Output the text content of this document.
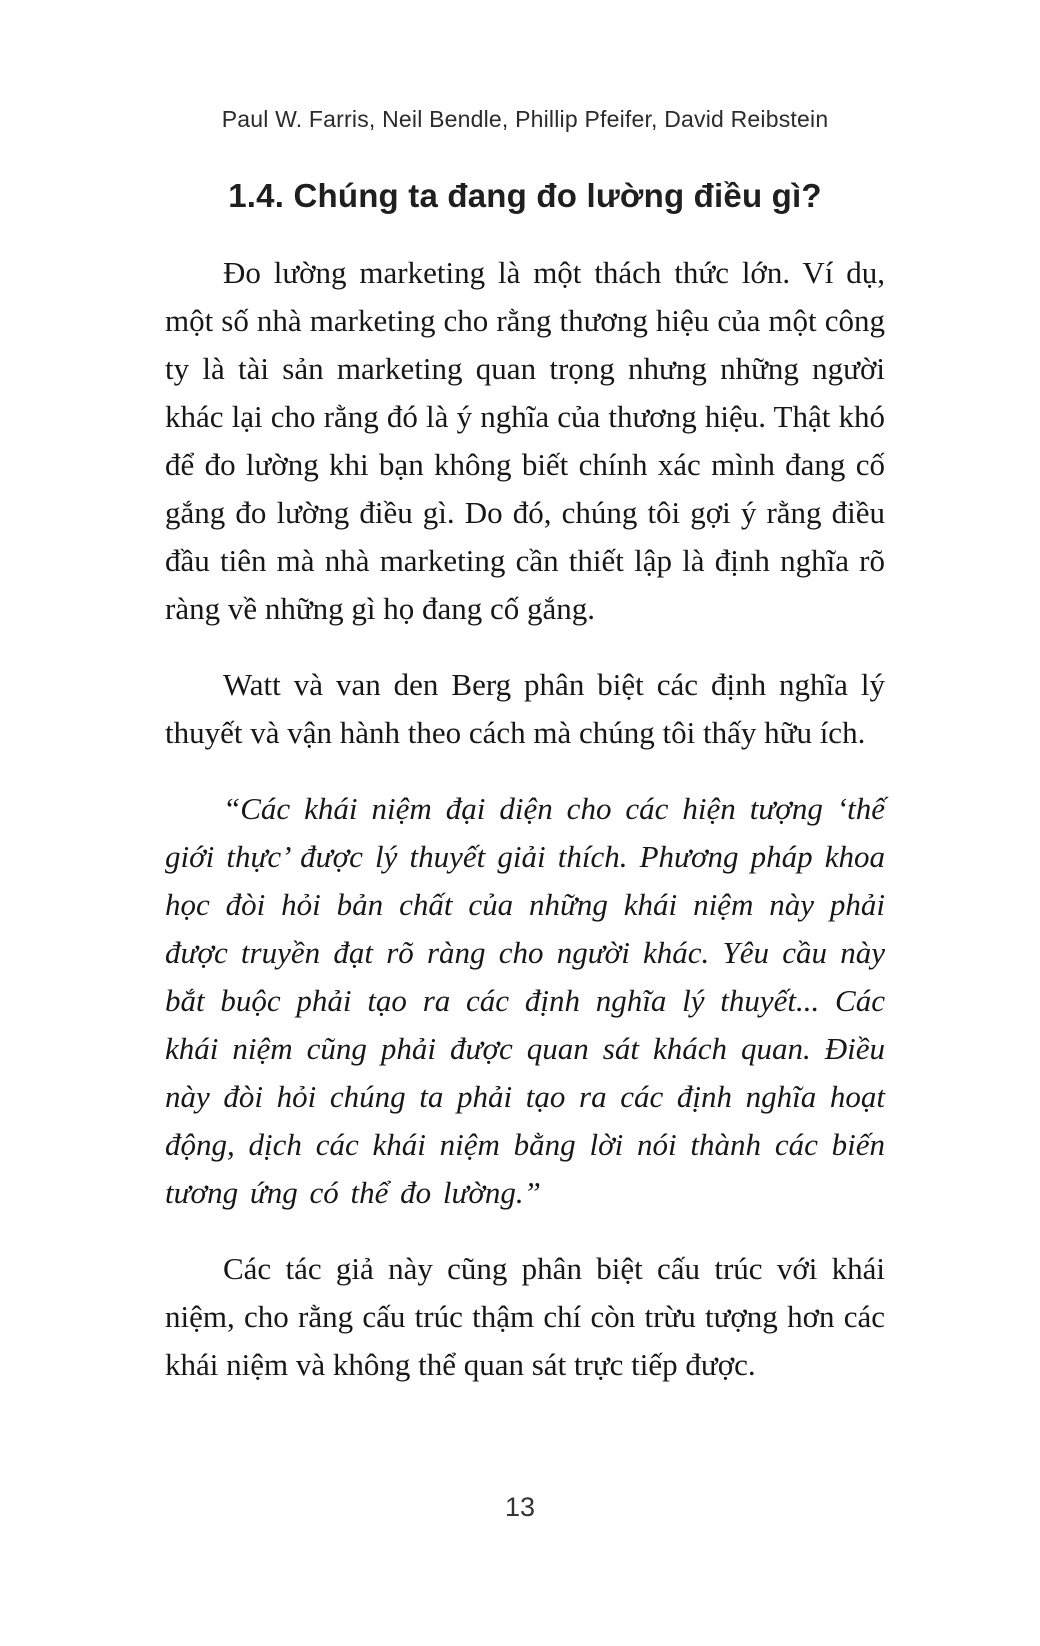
Paul W. Farris, Neil Bendle, Phillip Pfeifer, David Reibstein
1.4. Chúng ta đang đo lường điều gì?

Đo lường marketing là một thách thức lớn. Ví dụ, một số nhà marketing cho rằng thương hiệu của một công ty là tài sản marketing quan trọng nhưng những người khác lại cho rằng đó là ý nghĩa của thương hiệu. Thật khó để đo lường khi bạn không biết chính xác mình đang cố gắng đo lường điều gì. Do đó, chúng tôi gợi ý rằng điều đầu tiên mà nhà marketing cần thiết lập là định nghĩa rõ ràng về những gì họ đang cố gắng.

Watt và van den Berg phân biệt các định nghĩa lý thuyết và vận hành theo cách mà chúng tôi thấy hữu ích.

“Các khái niệm đại diện cho các hiện tượng ‘thế giới thực’ được lý thuyết giải thích. Phương pháp khoa học đòi hỏi bản chất của những khái niệm này phải được truyền đạt rõ ràng cho người khác. Yêu cầu này bắt buộc phải tạo ra các định nghĩa lý thuyết... Các khái niệm cũng phải được quan sát khách quan. Điều này đòi hỏi chúng ta phải tạo ra các định nghĩa hoạt động, dịch các khái niệm bằng lời nói thành các biến tương ứng có thể đo lường.”

Các tác giả này cũng phân biệt cấu trúc với khái niệm, cho rằng cấu trúc thậm chí còn trừu tượng hơn các khái niệm và không thể quan sát trực tiếp được.

13
